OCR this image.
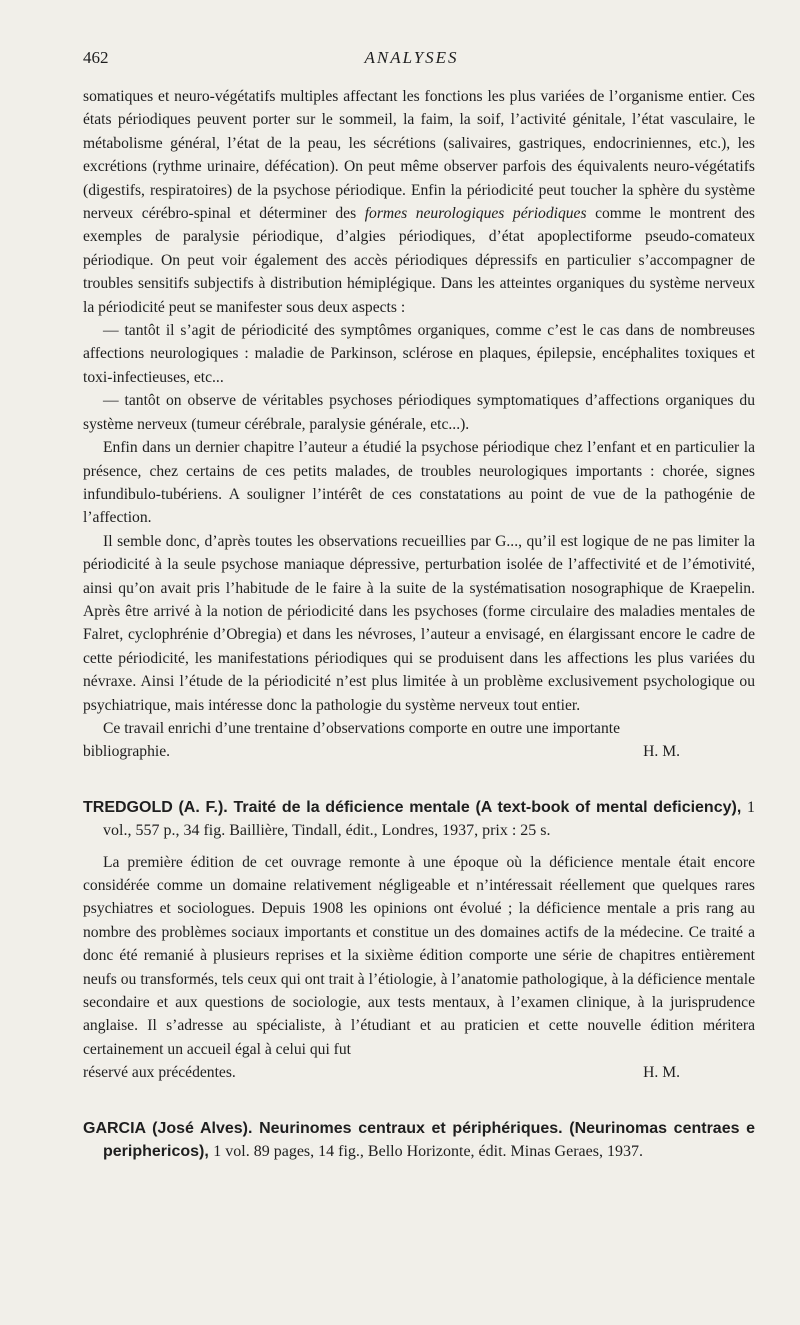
462	ANALYSES

somatiques et neuro-végétatifs multiples affectant les fonctions les plus variées de l’organisme entier. Ces états périodiques peuvent porter sur le sommeil, la faim, la soif, l’activité génitale, l’état vasculaire, le métabolisme général, l’état de la peau, les sécrétions (salivaires, gastriques, endocriniennes, etc.), les excrétions (rythme urinaire, défécation). On peut même observer parfois des équivalents neuro-végétatifs (digestifs, respiratoires) de la psychose périodique. Enfin la périodicité peut toucher la sphère du système nerveux cérébro-spinal et déterminer des formes neurologiques périodiques comme le montrent des exemples de paralysie périodique, d’algies périodiques, d’état apoplectiforme pseudo-comateux périodique. On peut voir également des accès périodiques dépressifs en particulier s’accompagner de troubles sensitifs subjectifs à distribution hémiplégique. Dans les atteintes organiques du système nerveux la périodicité peut se manifester sous deux aspects :

— tantôt il s’agit de périodicité des symptômes organiques, comme c’est le cas dans de nombreuses affections neurologiques : maladie de Parkinson, sclérose en plaques, épilepsie, encéphalites toxiques et toxi-infectieuses, etc...

— tantôt on observe de véritables psychoses périodiques symptomatiques d’affections organiques du système nerveux (tumeur cérébrale, paralysie générale, etc...).

Enfin dans un dernier chapitre l’auteur a étudié la psychose périodique chez l’enfant et en particulier la présence, chez certains de ces petits malades, de troubles neurologiques importants : chorée, signes infundibulo-tubériens. A souligner l’intérêt de ces constatations au point de vue de la pathogénie de l’affection.

Il semble donc, d’après toutes les observations recueillies par G..., qu’il est logique de ne pas limiter la périodicité à la seule psychose maniaque dépressive, perturbation isolée de l’affectivité et de l’émotivité, ainsi qu’on avait pris l’habitude de le faire à la suite de la systématisation nosographique de Kraepelin. Après être arrivé à la notion de périodicité dans les psychoses (forme circulaire des maladies mentales de Falret, cyclophrénie d’Obregia) et dans les névroses, l’auteur a envisagé, en élargissant encore le cadre de cette périodicité, les manifestations périodiques qui se produisent dans les affections les plus variées du névraxe. Ainsi l’étude de la périodicité n’est plus limitée à un problème exclusivement psychologique ou psychiatrique, mais intéresse donc la pathologie du système nerveux tout entier.

Ce travail enrichi d’une trentaine d’observations comporte en outre une importante

bibliographie.	H. M.

TREDGOLD (A. F.). Traité de la déficience mentale (A text-book of mental deficiency), 1 vol., 557 p., 34 fig. Baillière, Tindall, édit., Londres, 1937, prix : 25 s.

La première édition de cet ouvrage remonte à une époque où la déficience mentale était encore considérée comme un domaine relativement négligeable et n’intéressait réellement que quelques rares psychiatres et sociologues. Depuis 1908 les opinions ont évolué ; la déficience mentale a pris rang au nombre des problèmes sociaux importants et constitue un des domaines actifs de la médecine. Ce traité a donc été remanié à plusieurs reprises et la sixième édition comporte une série de chapitres entièrement neufs ou transformés, tels ceux qui ont trait à l’étiologie, à l’anatomie pathologique, à la déficience mentale secondaire et aux questions de sociologie, aux tests mentaux, à l’examen clinique, à la jurisprudence anglaise. Il s’adresse au spécialiste, à l’étudiant et au praticien et cette nouvelle édition méritera certainement un accueil égal à celui qui fut

réservé aux précédentes.	H. M.

GARCIA (José Alves). Neurinomes centraux et périphériques. (Neurinomas centraes e periphericos), 1 vol. 89 pages, 14 fig., Bello Horizonte, édit. Minas Geraes, 1937.
